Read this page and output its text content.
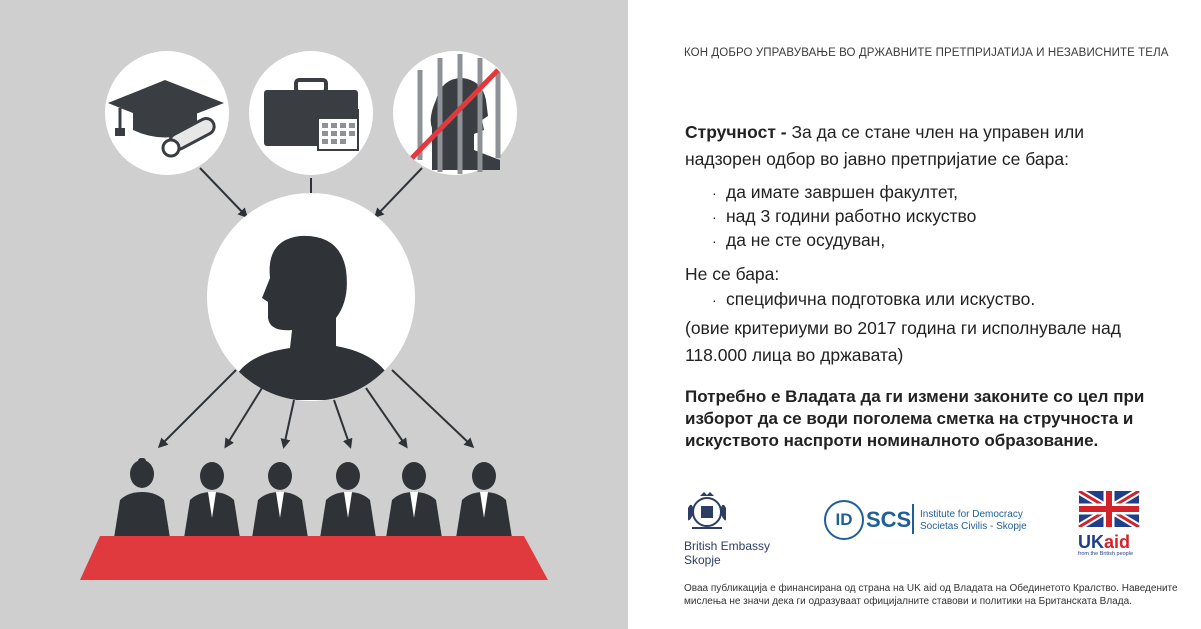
КОН ДОБРО УПРАВУВАЊЕ ВО ДРЖАВНИТЕ ПРЕТПРИЈАТИЈА И НЕЗАВИСНИТЕ ТЕЛА
Стручност - За да се стане член на управен или
надзорен одбор во јавно претпријатие се бара:
· да имате завршен факултет,
· над 3 години работно искуство
· да не сте осудуван,
Не се бара:
· специфична подготовка или искуство.
(овие критериуми во 2017 година ги исполнувале над
118.000 лица во државата)
Потребно е Владата да ги измени законите со цел при
изборот да се води поголема сметка на стручноста и
искуството наспроти номиналното образование.
British Embassy
Skopje
ID SCS Institute for Democracy
Societas Civilis - Skopje
UKaid
from the British people
Оваа публикација е финансирана од страна на UK aid од Владата на Обединетото Кралство. Наведените
мислења не значи дека ги одразуваат официјалните ставови и политики на Британската Влада.
